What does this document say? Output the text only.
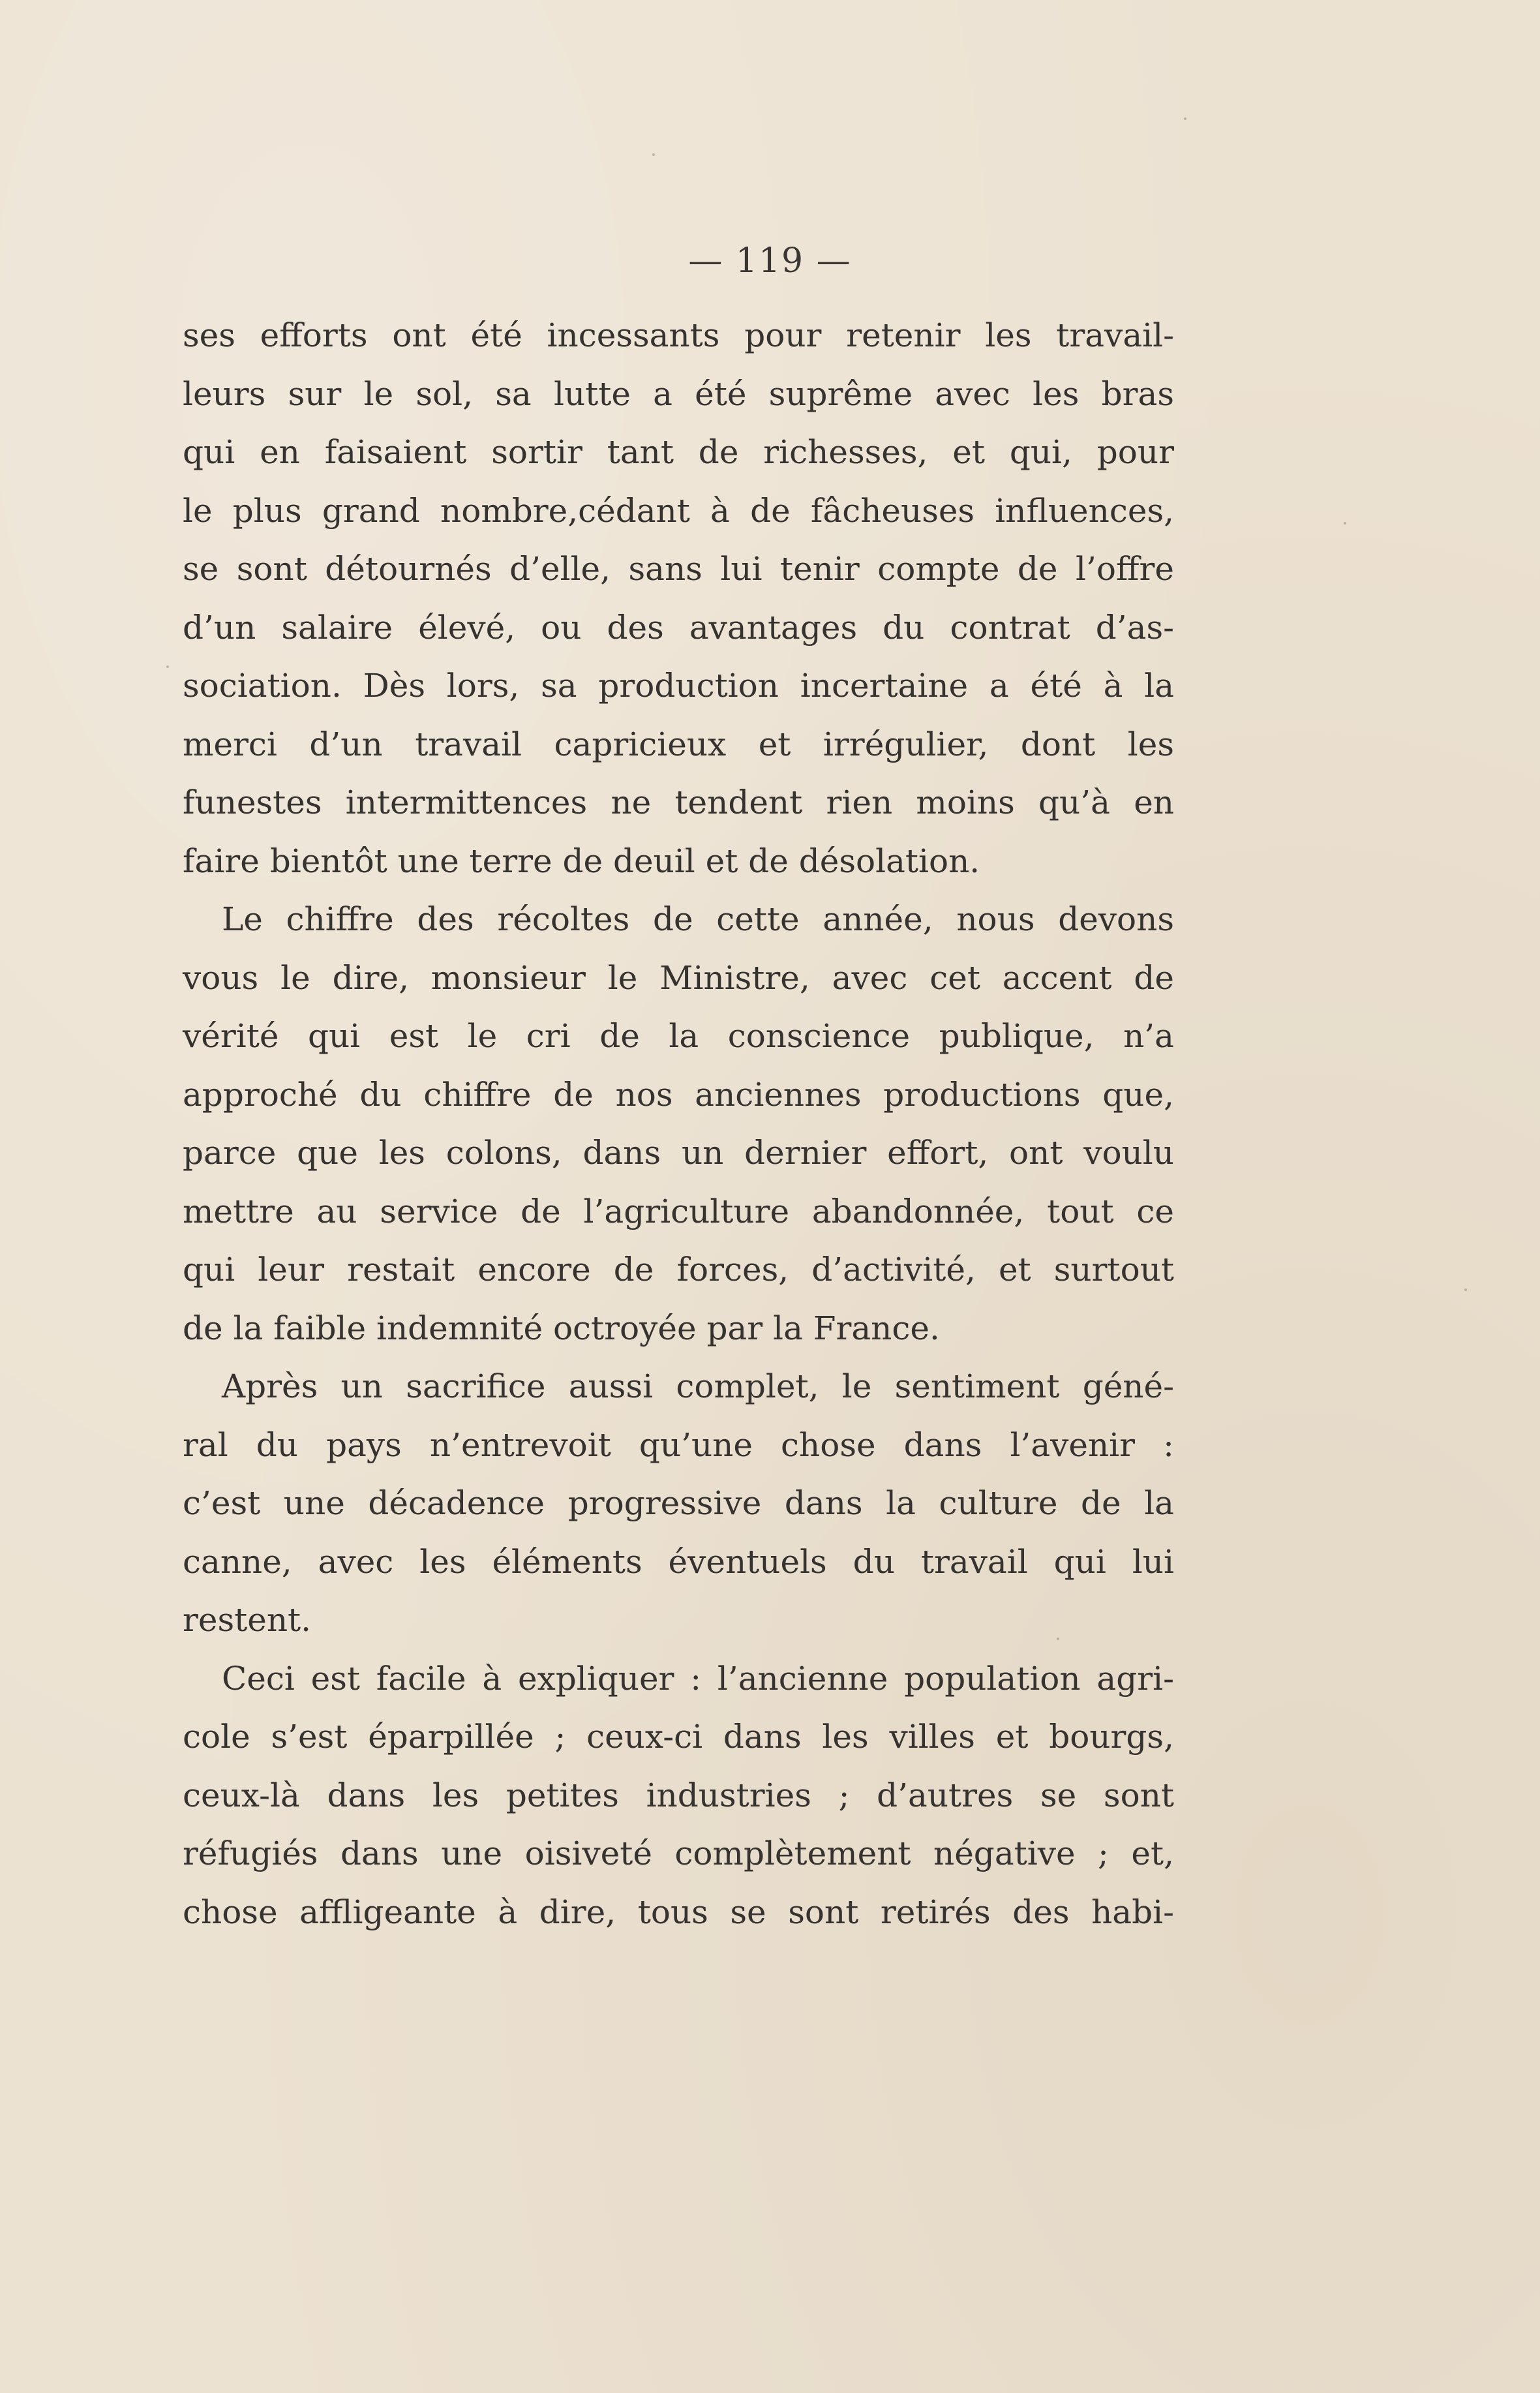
— 119 —
ses efforts ont été incessants pour retenir les travail-
leurs sur le sol, sa lutte a été suprême avec les bras
qui en faisaient sortir tant de richesses, et qui, pour
le plus grand nombre,cédant à de fâcheuses influences,
se sont détournés d’elle, sans lui tenir compte de l’offre
d’un salaire élevé, ou des avantages du contrat d’as-
sociation. Dès lors, sa production incertaine a été à la
merci d’un travail capricieux et irrégulier, dont les
funestes intermittences ne tendent rien moins qu’à en
faire bientôt une terre de deuil et de désolation.
Le chiffre des récoltes de cette année, nous devons
vous le dire, monsieur le Ministre, avec cet accent de
vérité qui est le cri de la conscience publique, n’a
approché du chiffre de nos anciennes productions que,
parce que les colons, dans un dernier effort, ont voulu
mettre au service de l’agriculture abandonnée, tout ce
qui leur restait encore de forces, d’activité, et surtout
de la faible indemnité octroyée par la France.
Après un sacrifice aussi complet, le sentiment géné-
ral du pays n’entrevoit qu’une chose dans l’avenir :
c’est une décadence progressive dans la culture de la
canne, avec les éléments éventuels du travail qui lui
restent.
Ceci est facile à expliquer : l’ancienne population agri-
cole s’est éparpillée ; ceux-ci dans les villes et bourgs,
ceux-là dans les petites industries ; d’autres se sont
réfugiés dans une oisiveté complètement négative ; et,
chose affligeante à dire, tous se sont retirés des habi-
